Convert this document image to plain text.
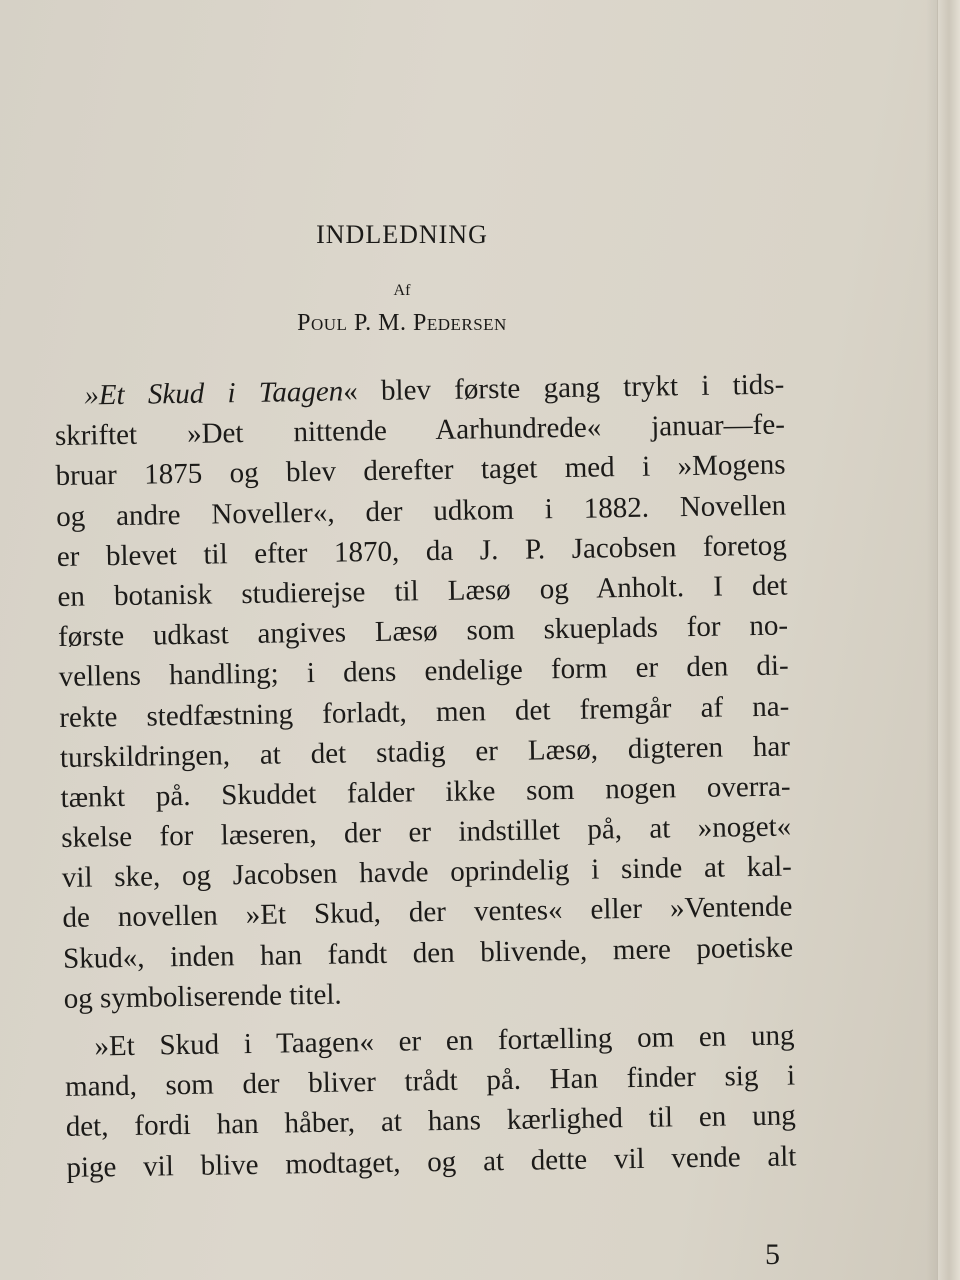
INDLEDNING
Af
Poul P. M. Pedersen
»Et Skud i Taagen« blev første gang trykt i tids-
skriftet »Det nittende Aarhundrede« januar—fe-
bruar 1875 og blev derefter taget med i »Mogens
og andre Noveller«, der udkom i 1882. Novellen
er blevet til efter 1870, da J. P. Jacobsen foretog
en botanisk studierejse til Læsø og Anholt. I det
første udkast angives Læsø som skueplads for no-
vellens handling; i dens endelige form er den di-
rekte stedfæstning forladt, men det fremgår af na-
turskildringen, at det stadig er Læsø, digteren har
tænkt på. Skuddet falder ikke som nogen overra-
skelse for læseren, der er indstillet på, at »noget«
vil ske, og Jacobsen havde oprindelig i sinde at kal-
de novellen »Et Skud, der ventes« eller »Ventende
Skud«, inden han fandt den blivende, mere poetiske
og symboliserende titel.
»Et Skud i Taagen« er en fortælling om en ung
mand, som der bliver trådt på. Han finder sig i
det, fordi han håber, at hans kærlighed til en ung
pige vil blive modtaget, og at dette vil vende alt
5
